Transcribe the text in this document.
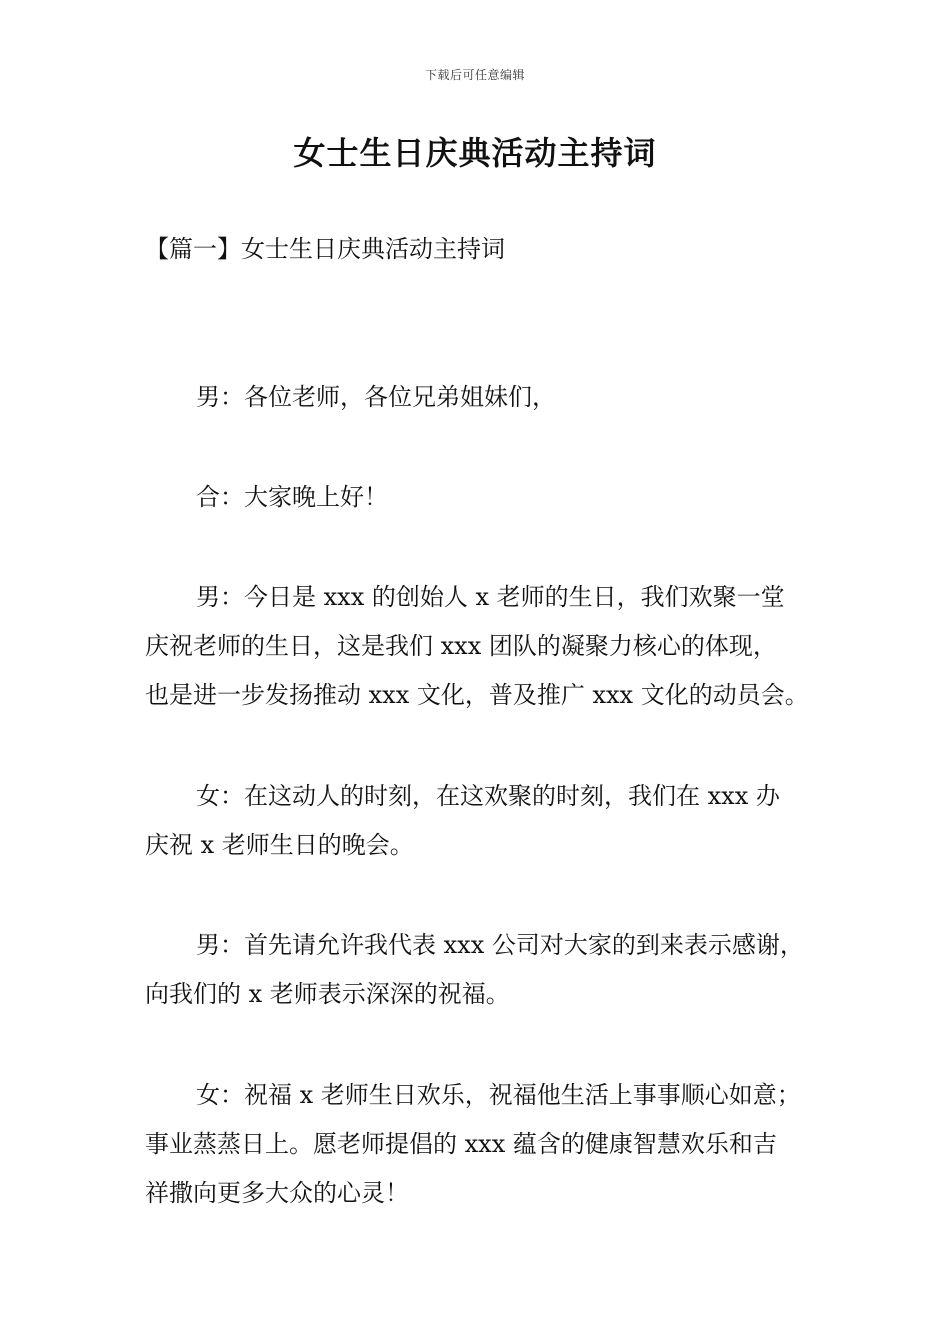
下载后可任意编辑
女士生日庆典活动主持词

【篇一】女士生日庆典活动主持词

男：各位老师，各位兄弟姐妹们，

合：大家晚上好！

男：今日是 xxx 的创始人 x 老师的生日，我们欢聚一堂
庆祝老师的生日，这是我们 xxx 团队的凝聚力核心的体现，
也是进一步发扬推动 xxx 文化，普及推广 xxx 文化的动员会。

女：在这动人的时刻，在这欢聚的时刻，我们在 xxx 办
庆祝 x 老师生日的晚会。

男：首先请允许我代表 xxx 公司对大家的到来表示感谢，
向我们的 x 老师表示深深的祝福。

女：祝福 x 老师生日欢乐，祝福他生活上事事顺心如意；
事业蒸蒸日上。愿老师提倡的 xxx 蕴含的健康智慧欢乐和吉
祥撒向更多大众的心灵！
